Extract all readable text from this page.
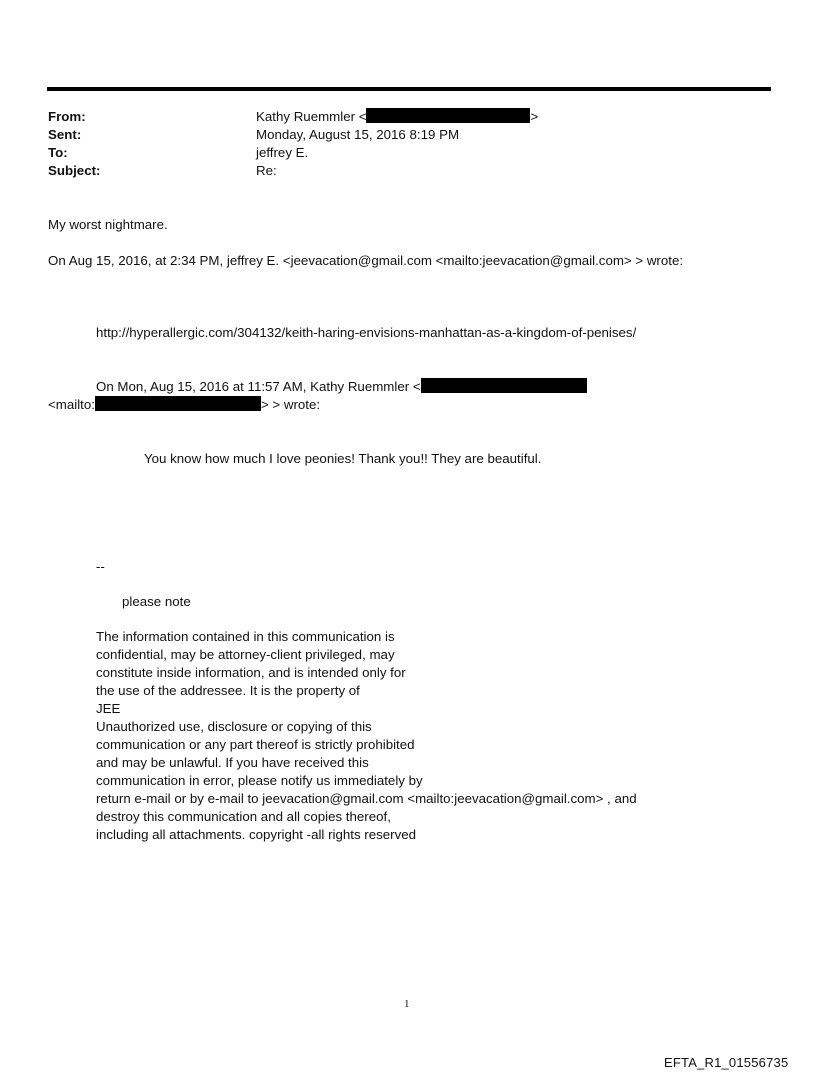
From:	Kathy Ruemmler <	>
Sent:	Monday, August 15, 2016 8:19 PM
To:	jeffrey E.
Subject:	Re:
My worst nightmare.
On Aug 15, 2016, at 2:34 PM, jeffrey E. <jeevacation@gmail.com <mailto:jeevacation@gmail.com> > wrote:
http://hyperallergic.com/304132/keith-haring-envisions-manhattan-as-a-kingdom-of-penises/
On Mon, Aug 15, 2016 at 11:57 AM, Kathy Ruemmler <
<mailto:	> > wrote:
You know how much I love peonies! Thank you!! They are beautiful.
--
please note
The information contained in this communication is
confidential, may be attorney-client privileged, may
constitute inside information, and is intended only for
the use of the addressee. It is the property of
JEE
Unauthorized use, disclosure or copying of this
communication or any part thereof is strictly prohibited
and may be unlawful. If you have received this
communication in error, please notify us immediately by
return e-mail or by e-mail to jeevacation@gmail.com <mailto:jeevacation@gmail.com> , and
destroy this communication and all copies thereof,
including all attachments. copyright -all rights reserved
1
EFTA_R1_01556735
